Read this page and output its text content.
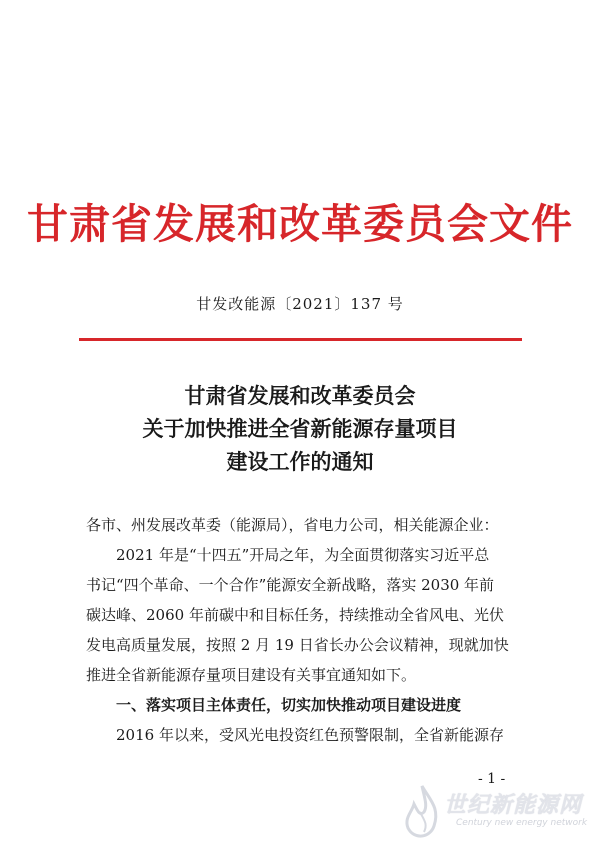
甘肃省发展和改革委员会文件
甘发改能源〔2021〕137 号
甘肃省发展和改革委员会
关于加快推进全省新能源存量项目
建设工作的通知

各市、州发展改革委（能源局），省电力公司，相关能源企业：

2021 年是“十四五”开局之年，为全面贯彻落实习近平总

书记“四个革命、一个合作”能源安全新战略，落实 2030 年前

碳达峰、2060 年前碳中和目标任务，持续推动全省风电、光伏

发电高质量发展，按照 2 月 19 日省长办公会议精神，现就加快

推进全省新能源存量项目建设有关事宜通知如下。

一、落实项目主体责任，切实加快推动项目建设进度

2016 年以来，受风光电投资红色预警限制，全省新能源存

- 1 -
世纪新能源网
Century new energy network
